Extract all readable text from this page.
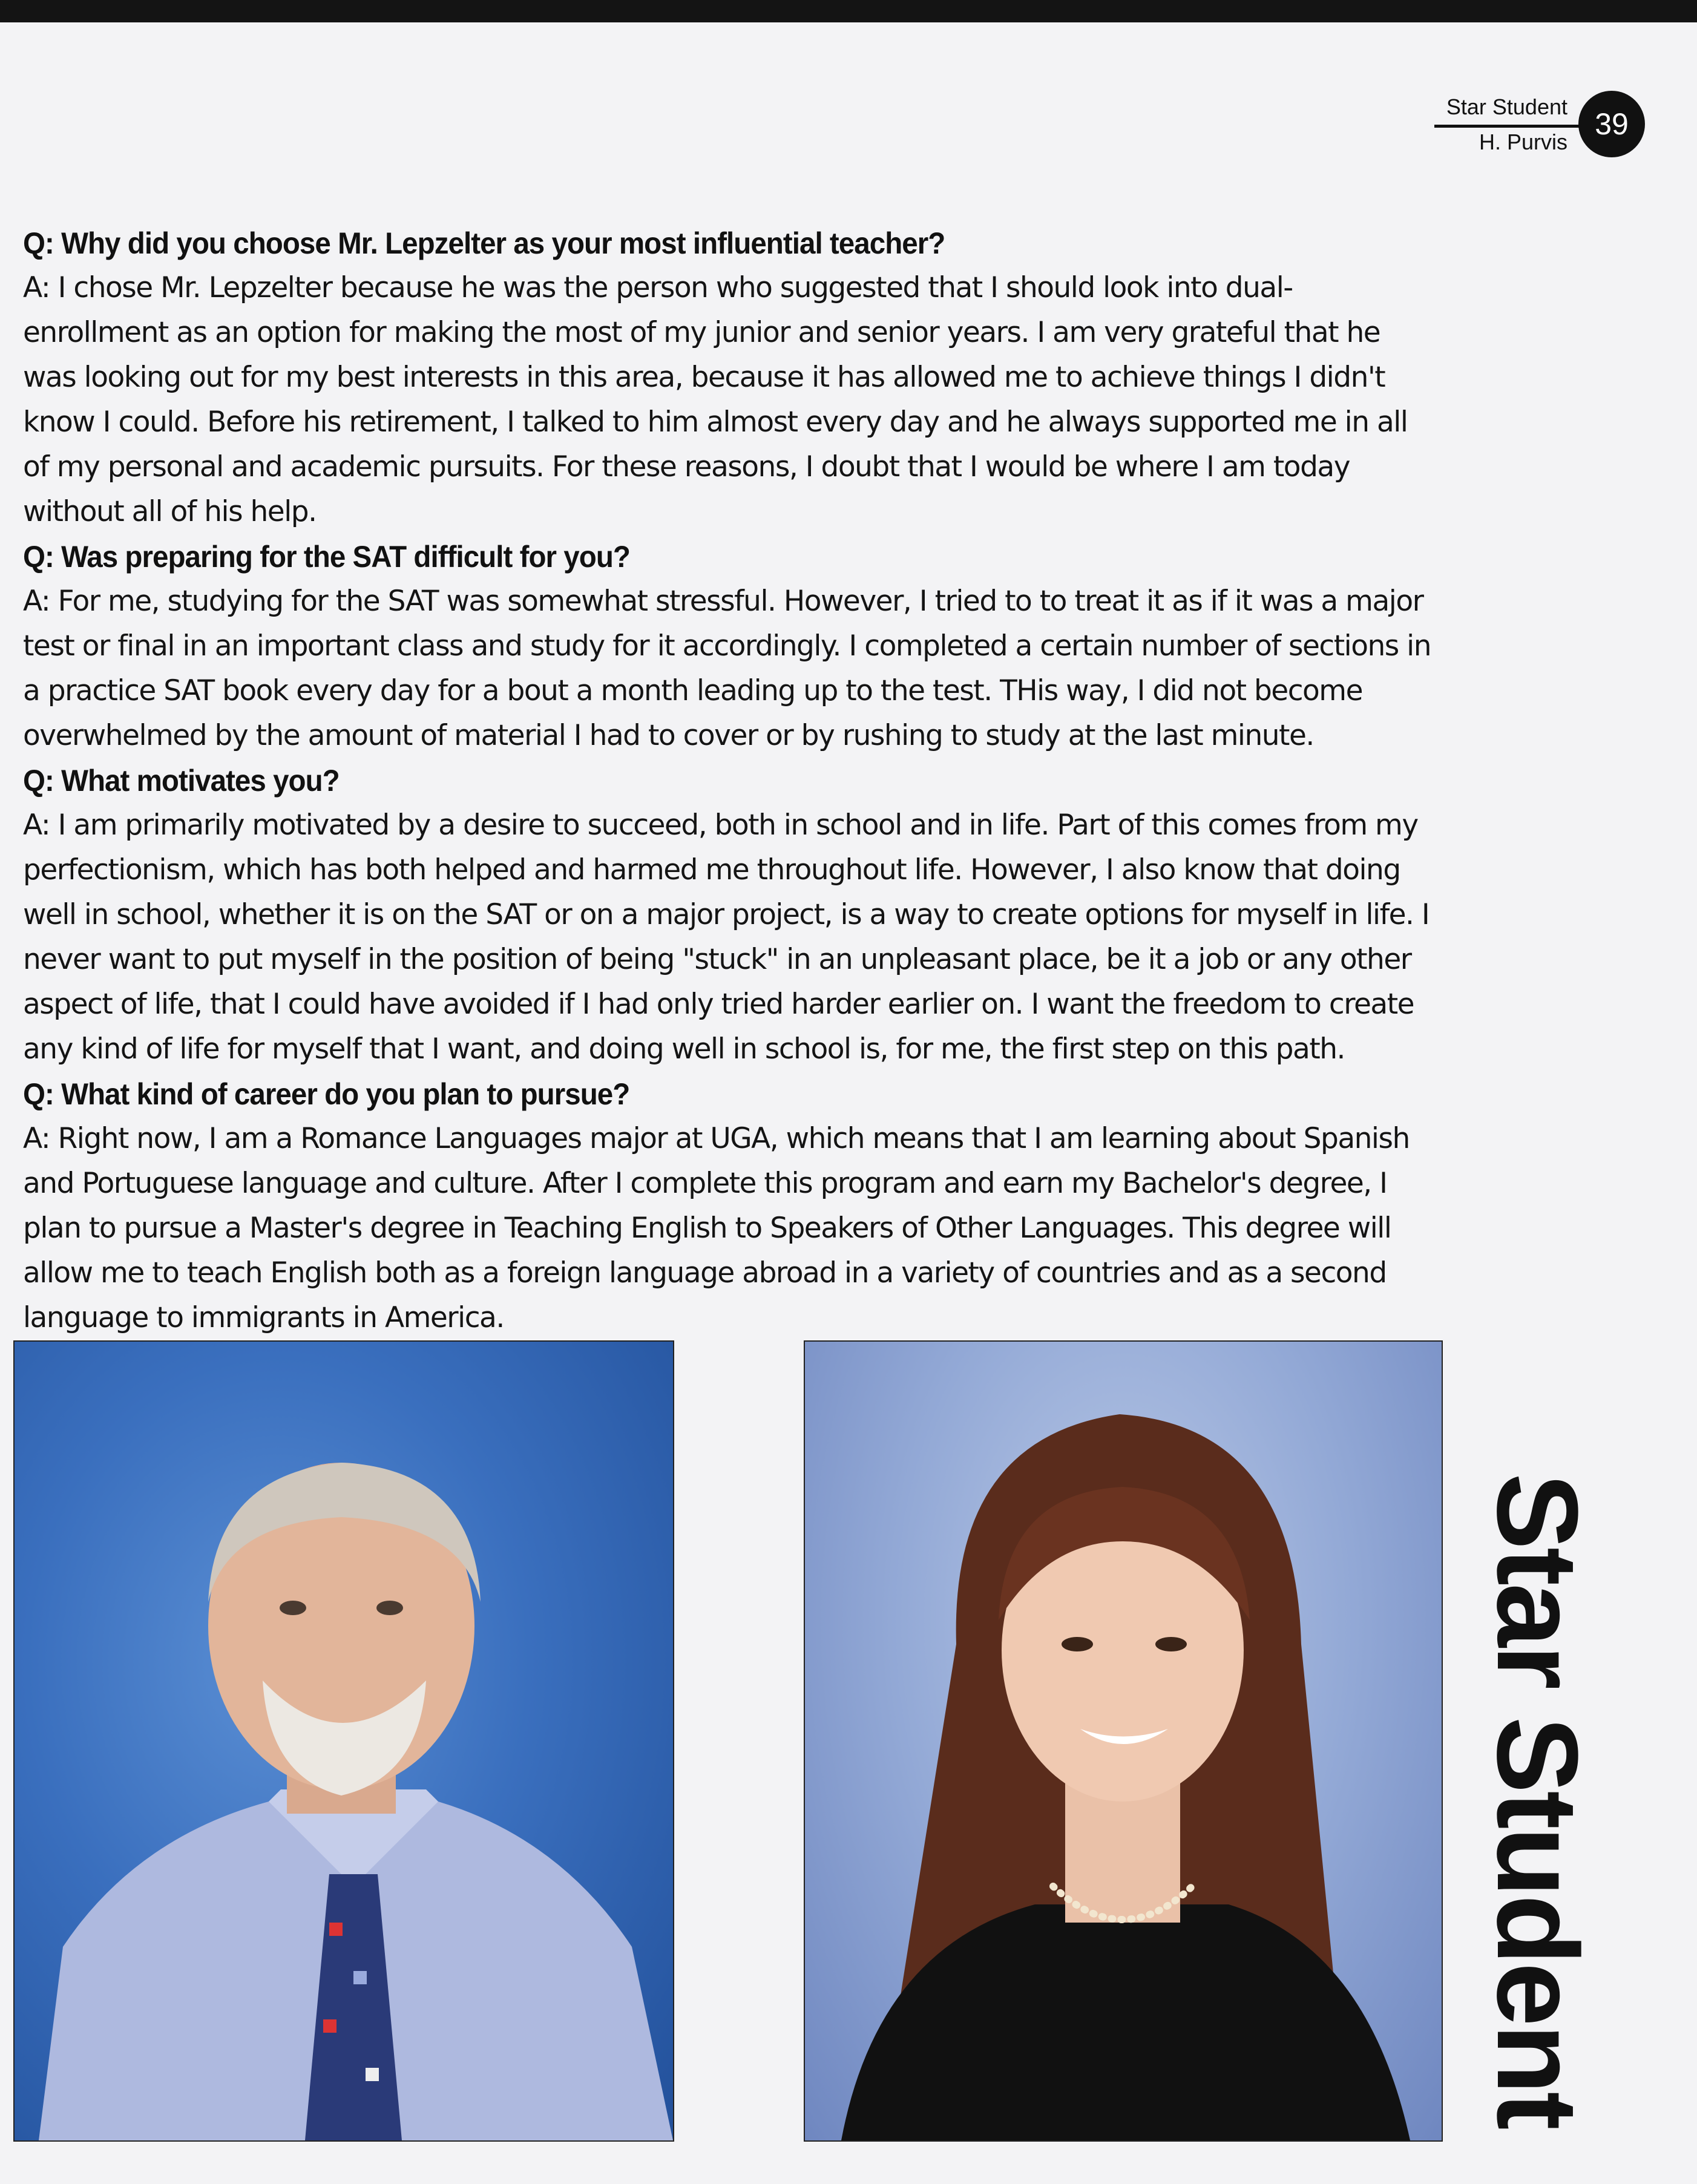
Star Student
H. Purvis
39
Q: Why did you choose Mr. Lepzelter as your most influential teacher?
A: I chose Mr. Lepzelter because he was the person who suggested that I should look into dual-enrollment as an option for making the most of my junior and senior years. I am very grateful that he was looking out for my best interests in this area, because it has allowed me to achieve things I didn't know I could. Before his retirement, I talked to him almost every day and he always supported me in all of my personal and academic pursuits. For these reasons, I doubt that I would be where I am today without all of his help.
Q: Was preparing for the SAT difficult for you?
A: For me, studying for the SAT was somewhat stressful. However, I tried to to treat it as if it was a major test or final in an important class and study for it accordingly. I completed a certain number of sections in a practice SAT book every day for a bout a month leading up to the test. THis way, I did not become overwhelmed by the amount of material I had to cover or by rushing to study at the last minute.
Q: What motivates you?
A: I am primarily motivated by a desire to succeed, both in school and in life. Part of this comes from my perfectionism, which has both helped and harmed me throughout life. However, I also know that doing well in school, whether it is on the SAT or on a major project, is a way to create options for myself in life. I never want to put myself in the position of being "stuck" in an unpleasant place, be it a job or any other aspect of life, that I could have avoided if I had only tried harder earlier on. I want the freedom to create any kind of life for myself that I want, and doing well in school is, for me, the first step on this path.
Q: What kind of career do you plan to pursue?
A: Right now, I am a Romance Languages major at UGA, which means that I am learning about Spanish and Portuguese language and culture. After I complete this program and earn my Bachelor's degree, I plan to pursue a Master's degree in Teaching English to Speakers of Other Languages. This degree will allow me to teach English both as a foreign language abroad in a variety of countries and as a second language to immigrants in America.
Star Student
